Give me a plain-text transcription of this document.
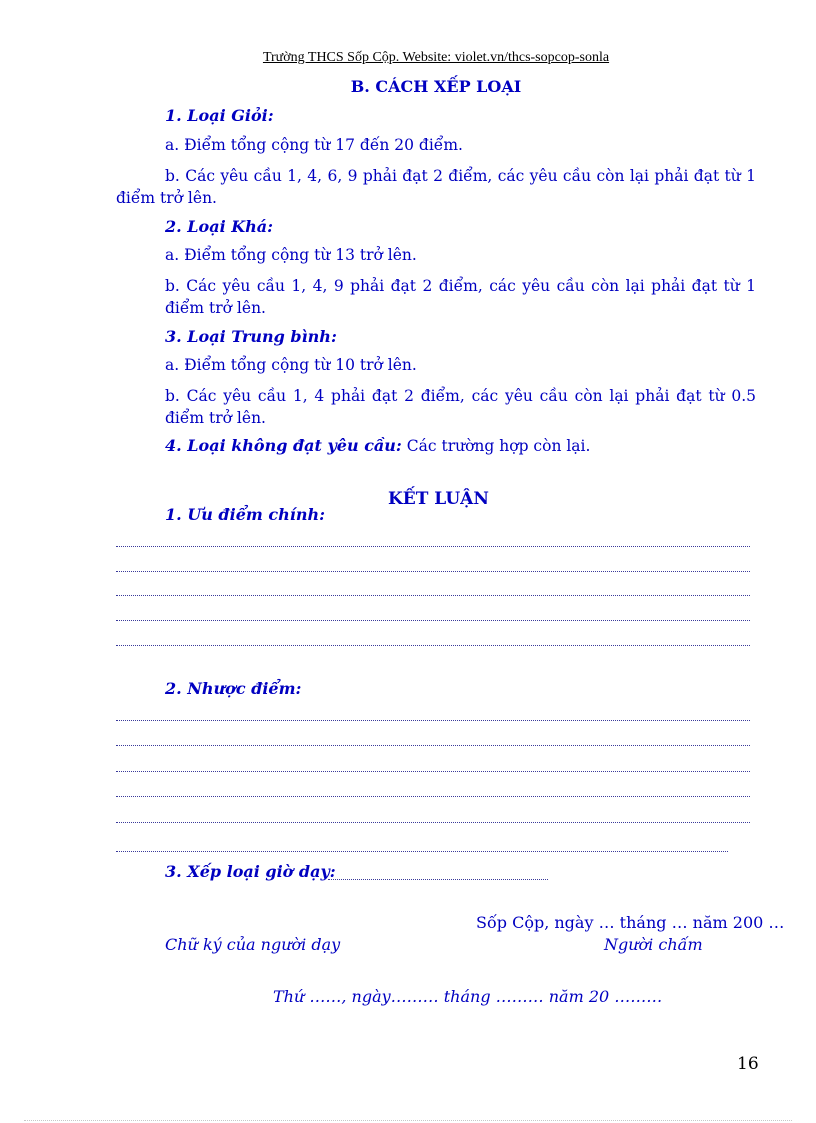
Trường THCS Sốp Cộp. Website: violet.vn/thcs-sopcop-sonla
B. CÁCH XẾP LOẠI
1. Loại Giỏi:
a. Điểm tổng cộng từ 17 đến 20 điểm.
b. Các yêu cầu 1, 4, 6, 9 phải đạt 2 điểm, các yêu cầu còn lại phải đạt từ 1 điểm trở lên.
2. Loại Khá:
a. Điểm tổng cộng từ 13 trở lên.
b. Các yêu cầu 1, 4, 9 phải đạt 2 điểm, các yêu cầu còn lại phải đạt từ 1 điểm trở lên.
3. Loại Trung bình:
a. Điểm tổng cộng từ 10 trở lên.
b. Các yêu cầu 1, 4 phải đạt 2 điểm, các yêu cầu còn lại phải đạt từ 0.5 điểm trở lên.
4. Loại không đạt yêu cầu: Các trường hợp còn lại.
KẾT LUẬN
1. Ưu điểm chính:
2. Nhược điểm:
3. Xếp loại giờ dạy:
Sốp Cộp, ngày … tháng … năm 200 …
Chữ ký của người dạy	Người chấm
Thứ ……, ngày……… tháng ……… năm 20 ………
16
